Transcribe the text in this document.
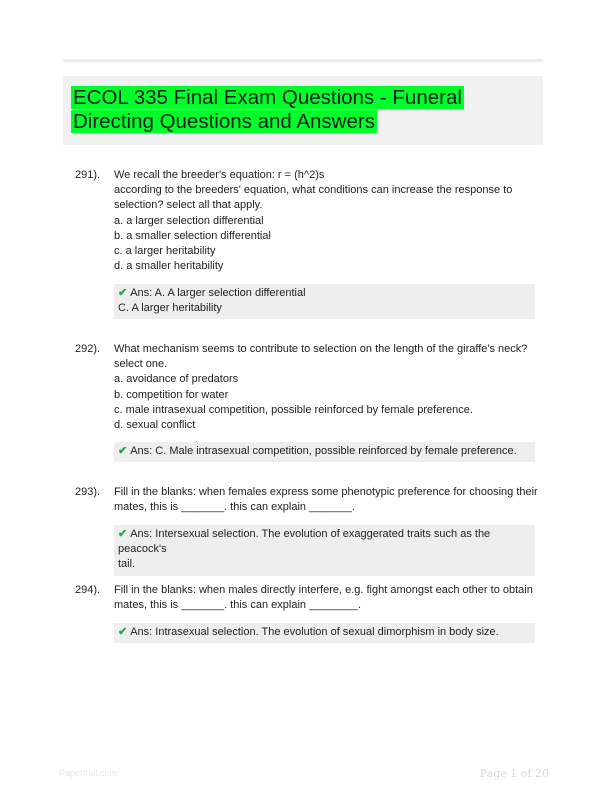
ECOL 335 Final Exam Questions - Funeral Directing Questions and Answers
291). We recall the breeder's equation: r = (h^2)s
according to the breeders' equation, what conditions can increase the response to
selection? select all that apply.
a. a larger selection differential
b. a smaller selection differential
c. a larger heritability
d. a smaller heritability
✔ Ans: A. A larger selection differential
C. A larger heritability
292). What mechanism seems to contribute to selection on the length of the giraffe's neck?
select one.
a. avoidance of predators
b. competition for water
c. male intrasexual competition, possible reinforced by female preference.
d. sexual conflict
✔ Ans: C. Male intrasexual competition, possible reinforced by female preference.
293). Fill in the blanks: when females express some phenotypic preference for choosing their
mates, this is _______. this can explain _______.
✔ Ans: Intersexual selection. The evolution of exaggerated traits such as the peacock's
tail.
294). Fill in the blanks: when males directly interfere, e.g. fight amongst each other to obtain
mates, this is _______. this can explain ________.
✔ Ans: Intrasexual selection. The evolution of sexual dimorphism in body size.
Papertrail.com	Page 1 of 20
